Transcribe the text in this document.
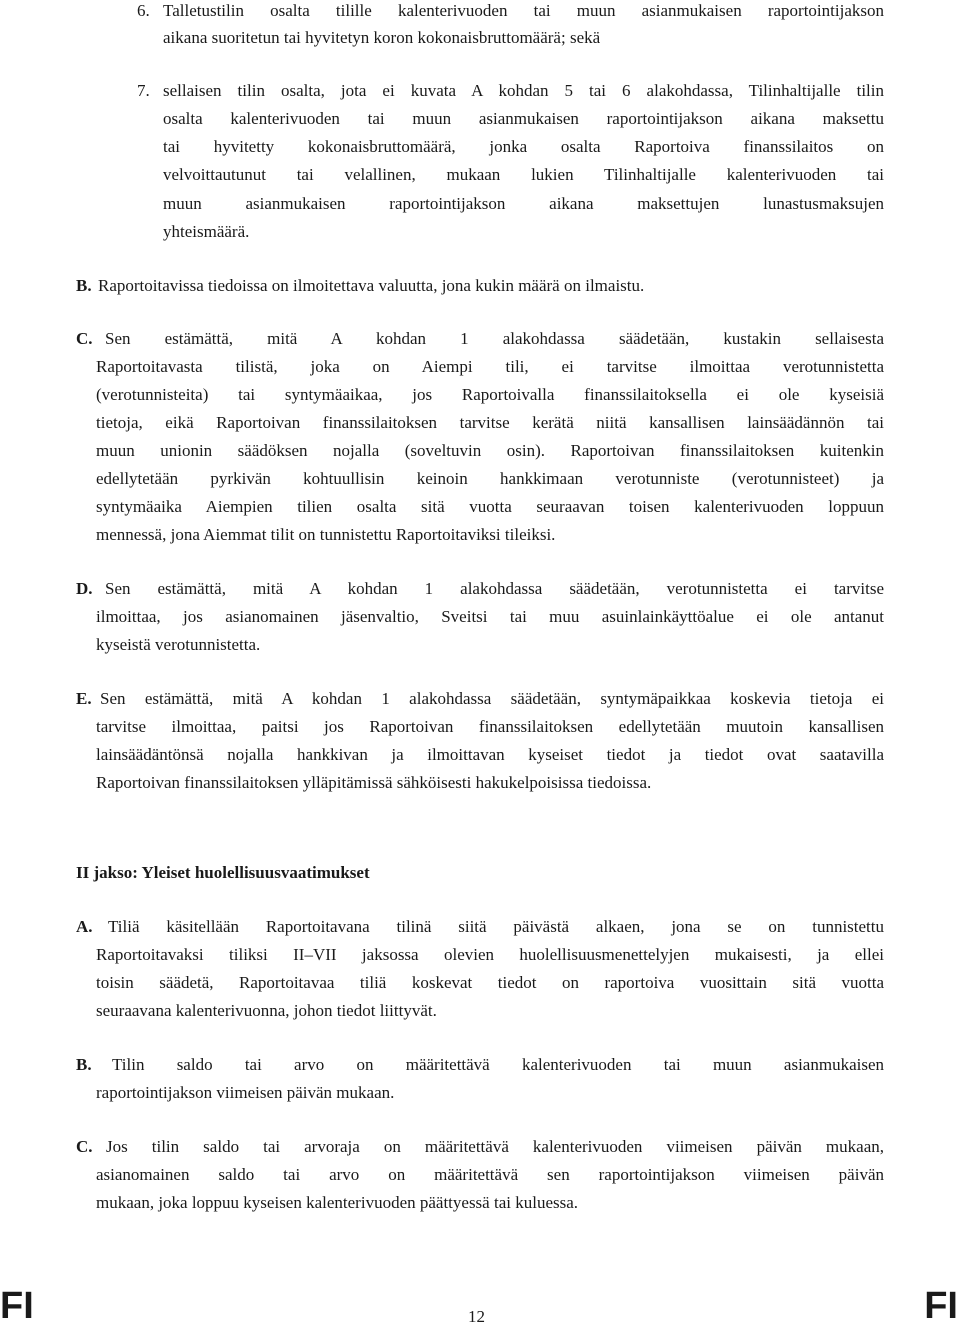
6. Talletustilin osalta tilille kalenterivuoden tai muun asianmukaisen raportointijakson
aikana suoritetun tai hyvitetyn koron kokonaisbruttomäärä; sekä
7. sellaisen tilin osalta, jota ei kuvata A kohdan 5 tai 6 alakohdassa, Tilinhaltijalle tilin
osalta kalenterivuoden tai muun asianmukaisen raportointijakson aikana maksettu
tai hyvitetty kokonaisbruttomäärä, jonka osalta Raportoiva finanssilaitos on
velvoittautunut tai velallinen, mukaan lukien Tilinhaltijalle kalenterivuoden tai
muun asianmukaisen raportointijakson aikana maksettujen lunastusmaksujen
yhteismäärä.
B. Raportoitavissa tiedoissa on ilmoitettava valuutta, jona kukin määrä on ilmaistu.
C. Sen estämättä, mitä A kohdan 1 alakohdassa säädetään, kustakin sellaisesta
Raportoitavasta tilistä, joka on Aiempi tili, ei tarvitse ilmoittaa verotunnistetta
(verotunnisteita) tai syntymäaikaa, jos Raportoivalla finanssilaitoksella ei ole kyseisiä
tietoja, eikä Raportoivan finanssilaitoksen tarvitse kerätä niitä kansallisen lainsäädännön tai
muun unionin säädöksen nojalla (soveltuvin osin). Raportoivan finanssilaitoksen kuitenkin
edellytetään pyrkivän kohtuullisin keinoin hankkimaan verotunniste (verotunnisteet) ja
syntymäaika Aiempien tilien osalta sitä vuotta seuraavan toisen kalenterivuoden loppuun
mennessä, jona Aiemmat tilit on tunnistettu Raportoitaviksi tileiksi.
D. Sen estämättä, mitä A kohdan 1 alakohdassa säädetään, verotunnistetta ei tarvitse
ilmoittaa, jos asianomainen jäsenvaltio, Sveitsi tai muu asuinlainkäyttöalue ei ole antanut
kyseistä verotunnistetta.
E. Sen estämättä, mitä A kohdan 1 alakohdassa säädetään, syntymäpaikkaa koskevia tietoja ei
tarvitse ilmoittaa, paitsi jos Raportoivan finanssilaitoksen edellytetään muutoin kansallisen
lainsäädäntönsä nojalla hankkivan ja ilmoittavan kyseiset tiedot ja tiedot ovat saatavilla
Raportoivan finanssilaitoksen ylläpitämissä sähköisesti hakukelpoisissa tiedoissa.
II jakso: Yleiset huolellisuusvaatimukset
A. Tiliä käsitellään Raportoitavana tilinä siitä päivästä alkaen, jona se on tunnistettu
Raportoitavaksi tiliksi II–VII jaksossa olevien huolellisuusmenettelyjen mukaisesti, ja ellei
toisin säädetä, Raportoitavaa tiliä koskevat tiedot on raportoiva vuosittain sitä vuotta
seuraavana kalenterivuonna, johon tiedot liittyvät.
B. Tilin saldo tai arvo on määritettävä kalenterivuoden tai muun asianmukaisen
raportointijakson viimeisen päivän mukaan.
C. Jos tilin saldo tai arvoraja on määritettävä kalenterivuoden viimeisen päivän mukaan,
asianomainen saldo tai arvo on määritettävä sen raportointijakson viimeisen päivän
mukaan, joka loppuu kyseisen kalenterivuoden päättyessä tai kuluessa.
FI	12	FI
